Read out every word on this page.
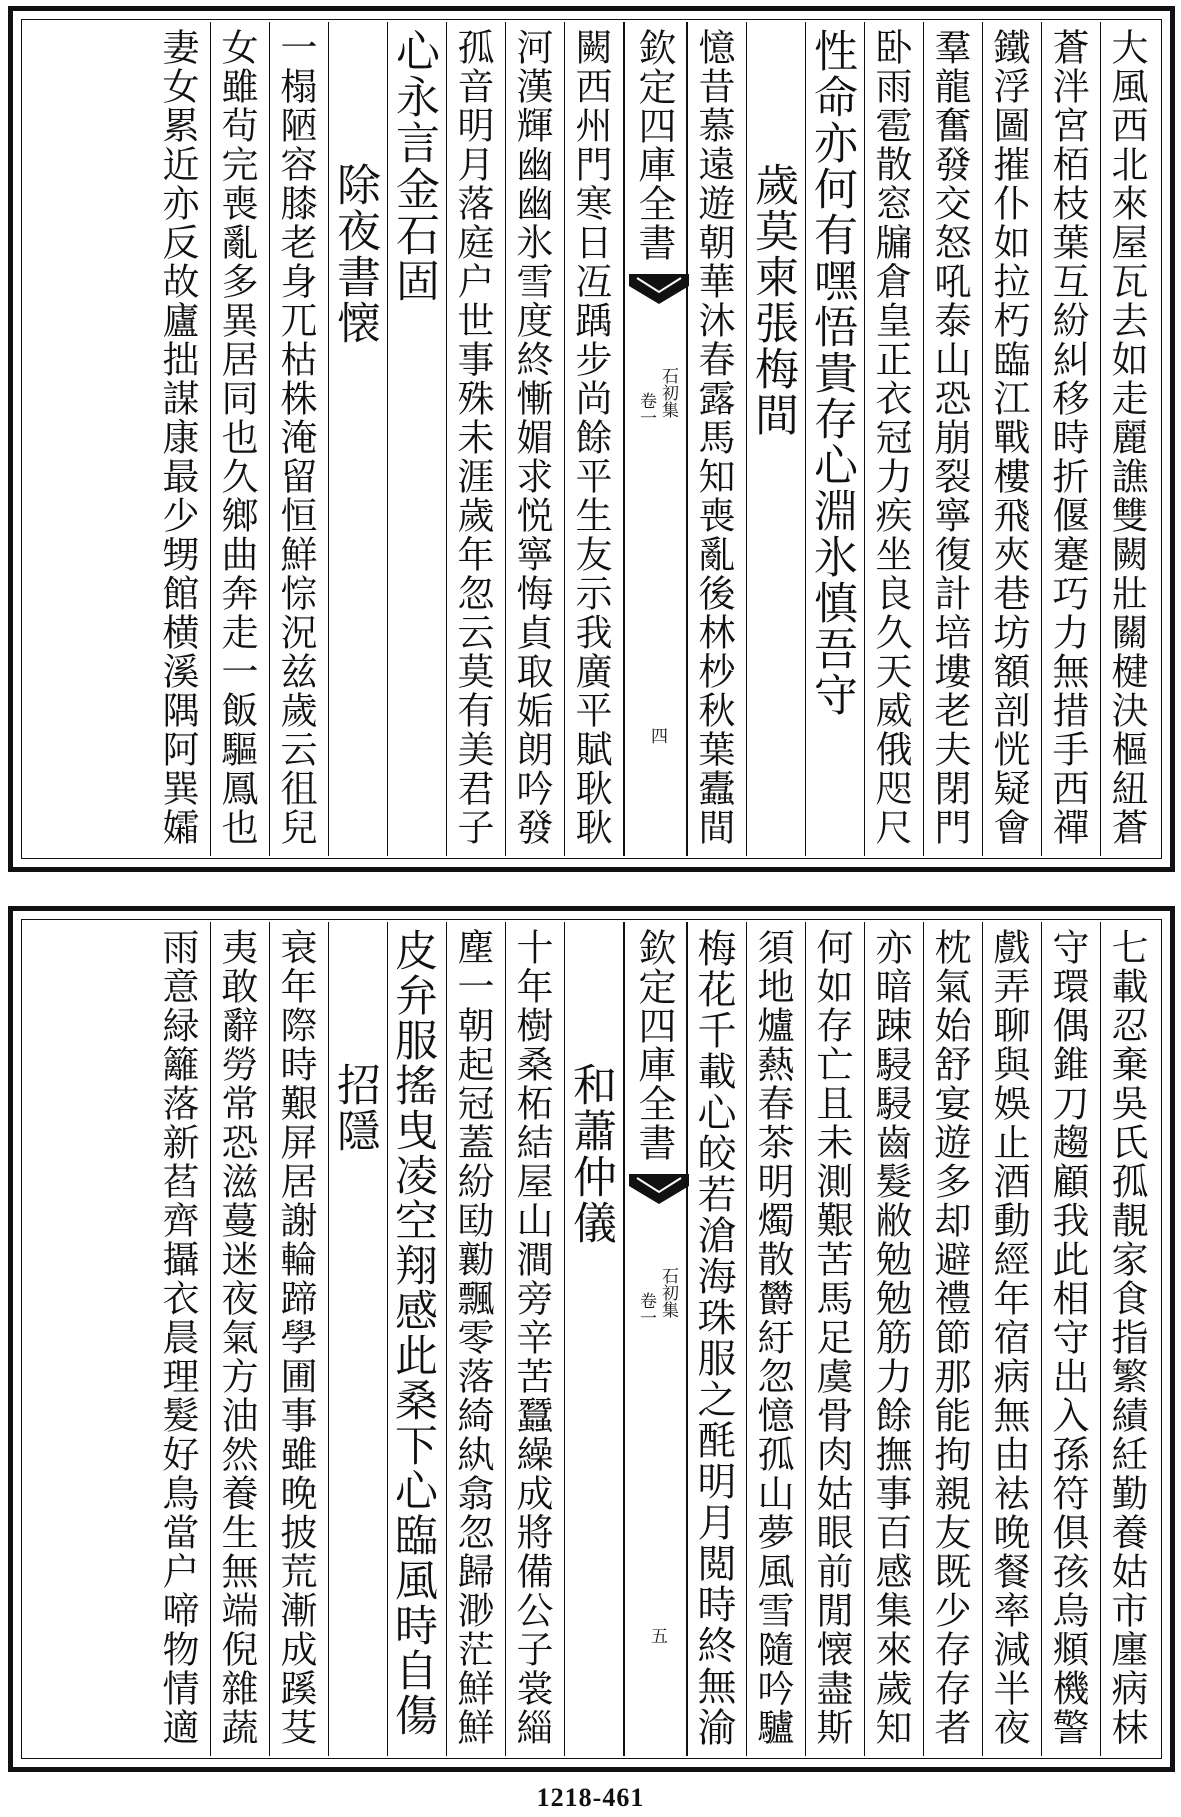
大風西北來屋瓦去如走麗譙雙闕壯關楗決樞紐蒼
蒼泮宮栢枝葉互紛糾移時折偃蹇巧力無措手西禪
鐵浮圖摧仆如拉朽臨江戰樓飛夾巷坊額剖恍疑會
羣龍奮發交怒吼泰山恐崩裂寧復計培塿老夫閉門
卧雨雹散窓牖倉皇正衣冠力疾坐良久天威俄咫尺
性命亦何有嘿悟貴存心淵氷慎吾守
歲莫柬張梅間
憶昔慕遠遊朝華沐春露馬知喪亂後林杪秋葉蠹間
欽定四庫全書
石初集
卷一
四
闕西州門寒日冱踽步尚餘平生友示我廣平賦耿耿
河漢輝幽幽氷雪度終慚媚求悦寧悔貞取姤朗吟發
孤音明月落庭户世事殊未涯歲年忽云莫有美君子
心永言金石固
除夜書懐
一榻陋容膝老身兀枯株淹留恒鮮悰況兹歲云徂兒
女雖茍完喪亂多異居同也久鄉曲奔走一飯驅鳳也
妻女累近亦反故廬拙謀康最少甥館横溪隅阿巽孀
七載忍棄吳氏孤靚家食指繁績紝勤養姑市廛病枺
守環偶錐刀趨顧我此相守出入孫符俱孩烏頫機警
戲弄聊與娛止酒動經年宿病無由袪晚餐率減半夜
枕氣始舒宴遊多却避禮節那能拘親友既少存存者
亦暗踈駸駸齒髮敝勉勉筋力餘撫事百感集來歲知
何如存亡且未測艱苦馬足虞骨肉姑眼前閒懐盡斯
須地爐爇春茶明燭散欝紆忽憶孤山夢風雪隨吟驢
梅花千載心皎若滄海珠服之酕明月閲時終無渝
欽定四庫全書
石初集
卷一
五
和蕭仲儀
十年樹桑柘結屋山澗旁辛苦蠶繰成將備公子裳緇
塵一朝起冠蓋紛劻勷飄零落綺紈翕忽歸渺茫鮮鮮
皮弁服搖曳凌空翔感此桑下心臨風時自傷
招隱
衰年際時艱屏居謝輪蹄學圃事雖晚披荒漸成蹊芟
夷敢辭勞常恐滋蔓迷夜氣方油然養生無端倪雜蔬
雨意緑籬落新萏齊攝衣晨理髮好鳥當户啼物情適
1218-461
